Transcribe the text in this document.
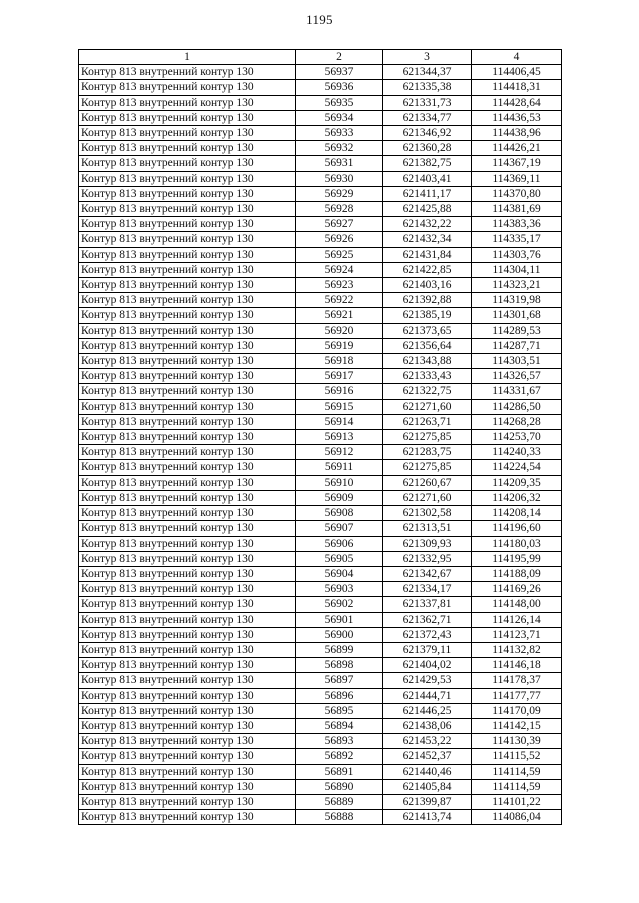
1195
1	2	3	4
Контур 813 внутренний контур 130	56937	621344,37	114406,45
Контур 813 внутренний контур 130	56936	621335,38	114418,31
Контур 813 внутренний контур 130	56935	621331,73	114428,64
Контур 813 внутренний контур 130	56934	621334,77	114436,53
Контур 813 внутренний контур 130	56933	621346,92	114438,96
Контур 813 внутренний контур 130	56932	621360,28	114426,21
Контур 813 внутренний контур 130	56931	621382,75	114367,19
Контур 813 внутренний контур 130	56930	621403,41	114369,11
Контур 813 внутренний контур 130	56929	621411,17	114370,80
Контур 813 внутренний контур 130	56928	621425,88	114381,69
Контур 813 внутренний контур 130	56927	621432,22	114383,36
Контур 813 внутренний контур 130	56926	621432,34	114335,17
Контур 813 внутренний контур 130	56925	621431,84	114303,76
Контур 813 внутренний контур 130	56924	621422,85	114304,11
Контур 813 внутренний контур 130	56923	621403,16	114323,21
Контур 813 внутренний контур 130	56922	621392,88	114319,98
Контур 813 внутренний контур 130	56921	621385,19	114301,68
Контур 813 внутренний контур 130	56920	621373,65	114289,53
Контур 813 внутренний контур 130	56919	621356,64	114287,71
Контур 813 внутренний контур 130	56918	621343,88	114303,51
Контур 813 внутренний контур 130	56917	621333,43	114326,57
Контур 813 внутренний контур 130	56916	621322,75	114331,67
Контур 813 внутренний контур 130	56915	621271,60	114286,50
Контур 813 внутренний контур 130	56914	621263,71	114268,28
Контур 813 внутренний контур 130	56913	621275,85	114253,70
Контур 813 внутренний контур 130	56912	621283,75	114240,33
Контур 813 внутренний контур 130	56911	621275,85	114224,54
Контур 813 внутренний контур 130	56910	621260,67	114209,35
Контур 813 внутренний контур 130	56909	621271,60	114206,32
Контур 813 внутренний контур 130	56908	621302,58	114208,14
Контур 813 внутренний контур 130	56907	621313,51	114196,60
Контур 813 внутренний контур 130	56906	621309,93	114180,03
Контур 813 внутренний контур 130	56905	621332,95	114195,99
Контур 813 внутренний контур 130	56904	621342,67	114188,09
Контур 813 внутренний контур 130	56903	621334,17	114169,26
Контур 813 внутренний контур 130	56902	621337,81	114148,00
Контур 813 внутренний контур 130	56901	621362,71	114126,14
Контур 813 внутренний контур 130	56900	621372,43	114123,71
Контур 813 внутренний контур 130	56899	621379,11	114132,82
Контур 813 внутренний контур 130	56898	621404,02	114146,18
Контур 813 внутренний контур 130	56897	621429,53	114178,37
Контур 813 внутренний контур 130	56896	621444,71	114177,77
Контур 813 внутренний контур 130	56895	621446,25	114170,09
Контур 813 внутренний контур 130	56894	621438,06	114142,15
Контур 813 внутренний контур 130	56893	621453,22	114130,39
Контур 813 внутренний контур 130	56892	621452,37	114115,52
Контур 813 внутренний контур 130	56891	621440,46	114114,59
Контур 813 внутренний контур 130	56890	621405,84	114114,59
Контур 813 внутренний контур 130	56889	621399,87	114101,22
Контур 813 внутренний контур 130	56888	621413,74	114086,04
